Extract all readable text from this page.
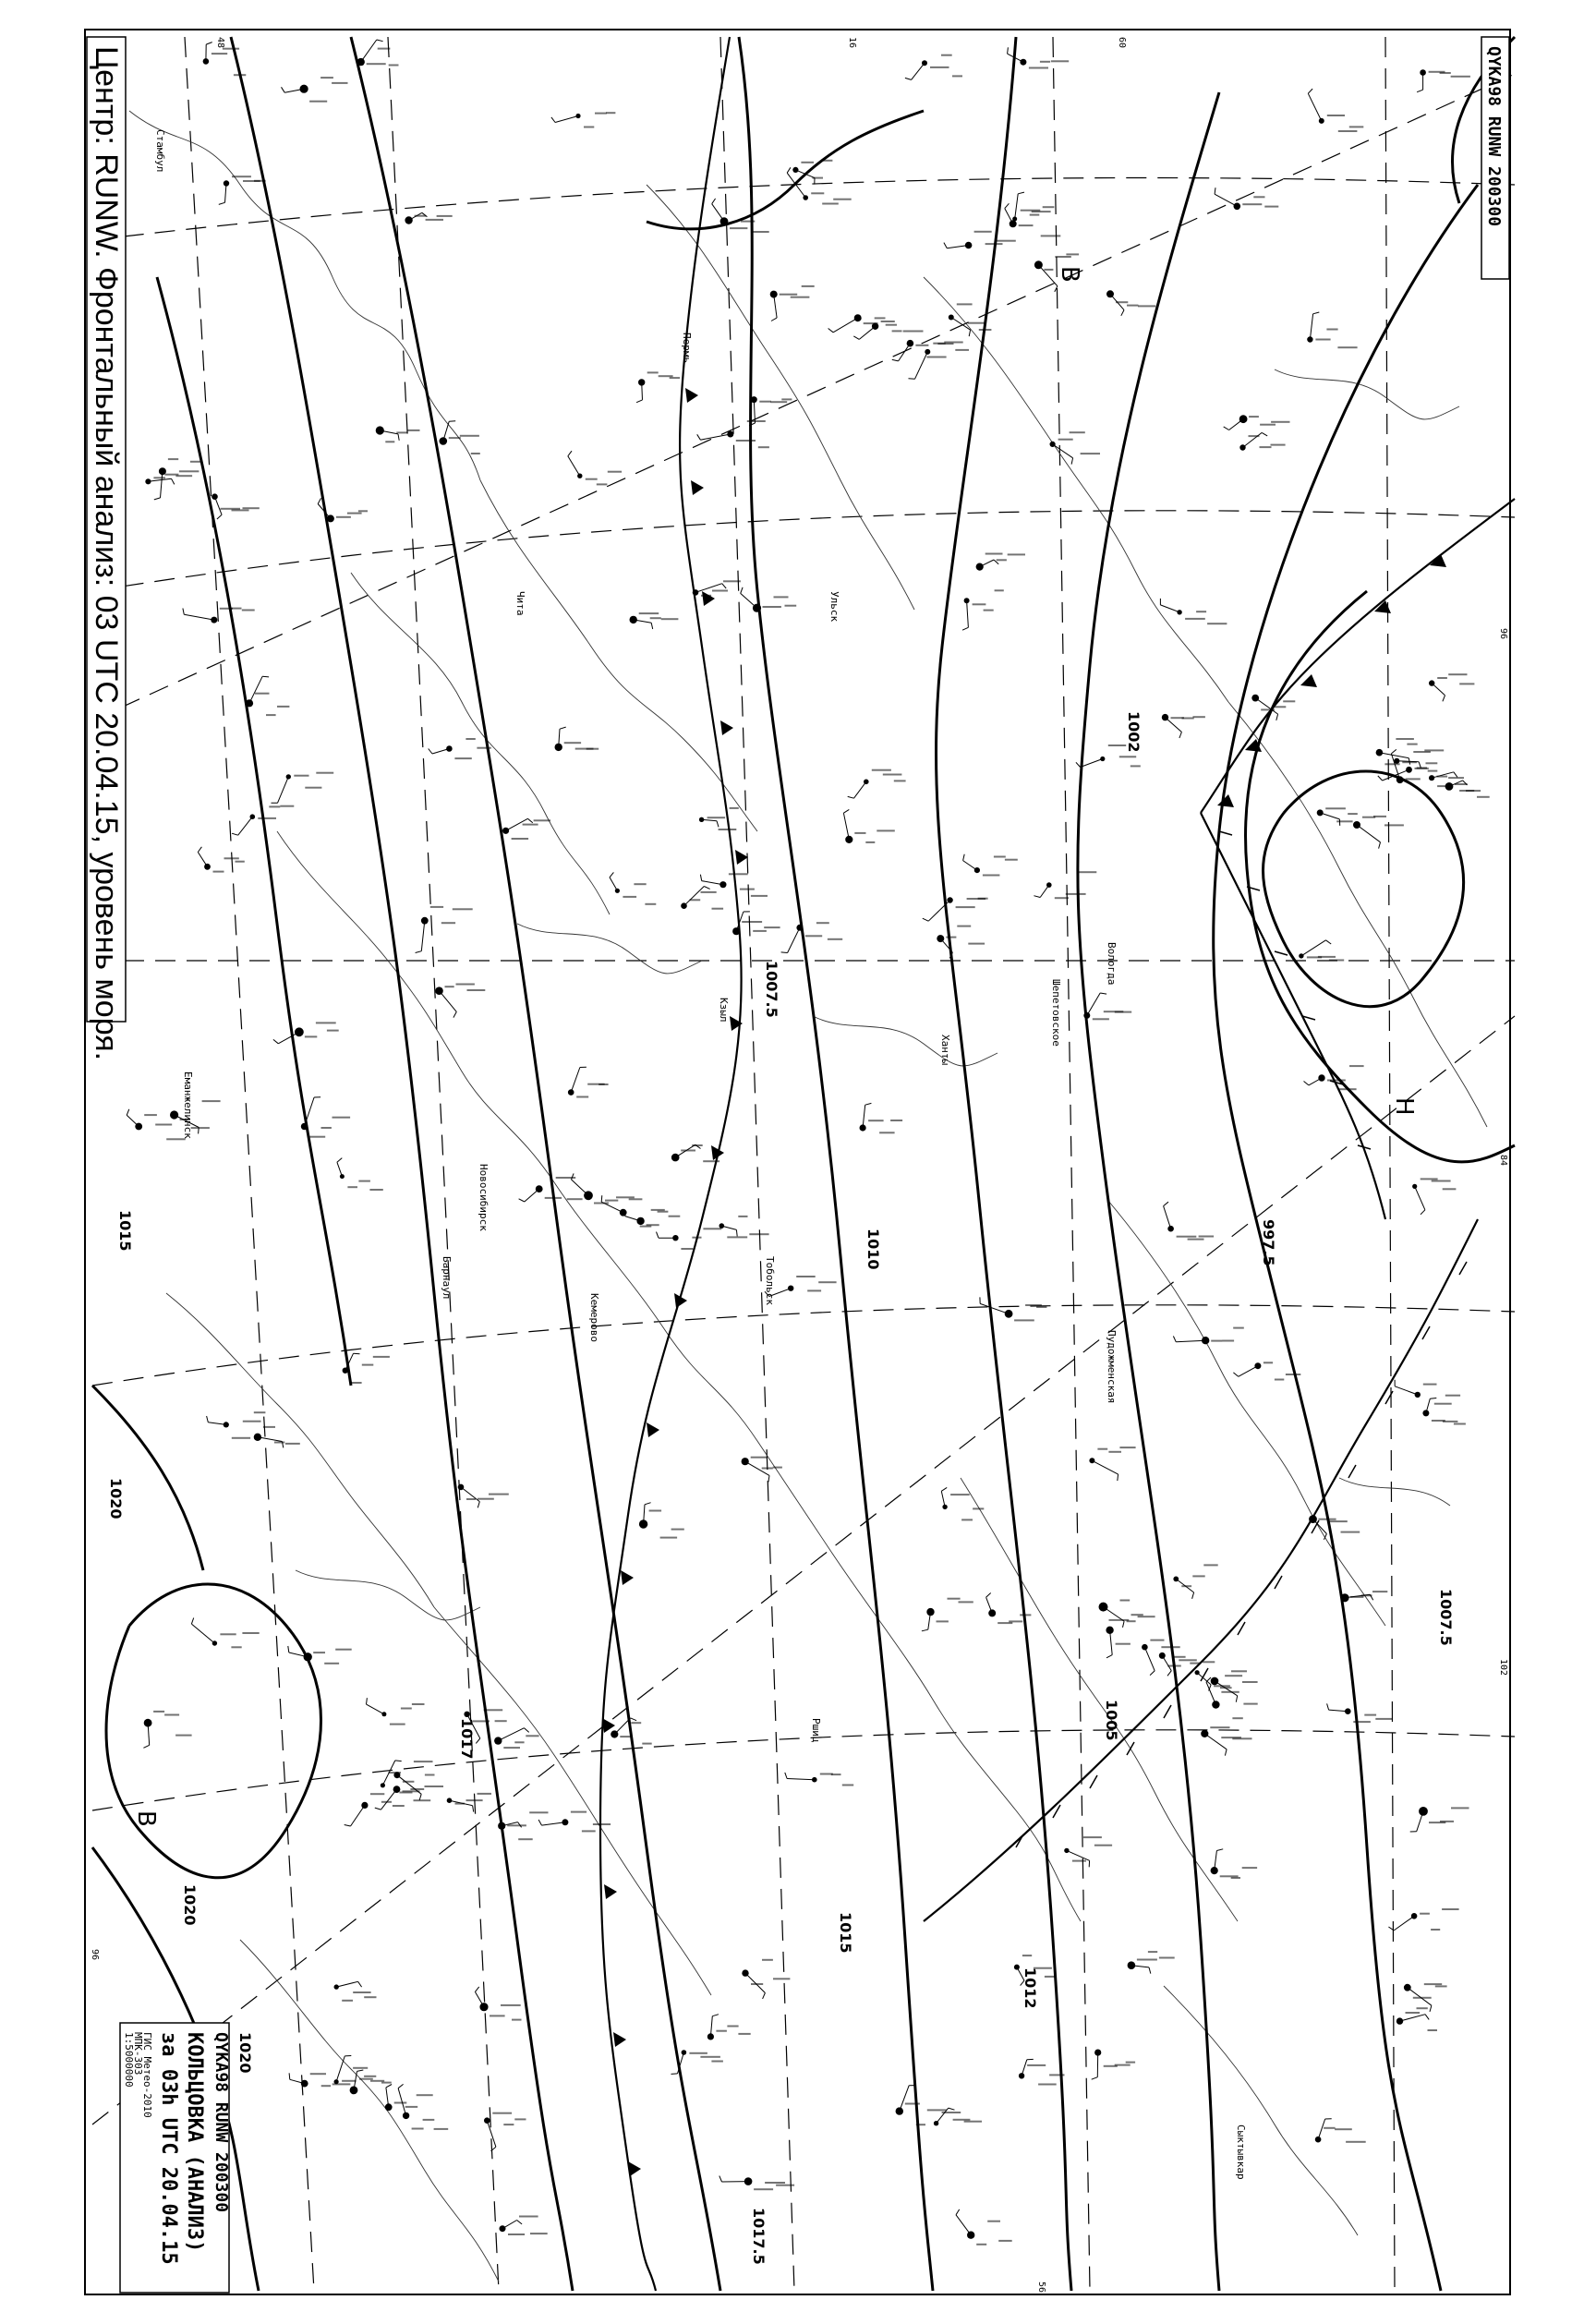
Стамбул
Пермь
Ульск
Чита
Кзыл
Барнаул
Новосибирск
Тобольск
Ханты
Вологда
Кемерово
Еманжелинск
Шепетовское
Пудожменская
Ршиц
Сыктывкар
1020
1020
1020
1015
1012
1010
1007.5
1007.5
1005
1002
997.5
1017.5
1017
1015
В
В
Н
48	16	60
84
102
96
96
56
Центр: RUNW. Фронтальный анализ: 03 UTC 20.04.15, уровень моря.	QYKA98 RUNW 200300
QYKA98 RUNW 200300
КОЛЬЦОВКА (АНАЛИЗ)
за 03h UTC 20.04.15
ГИС Метео-2010
МПК-303
1:5000000
